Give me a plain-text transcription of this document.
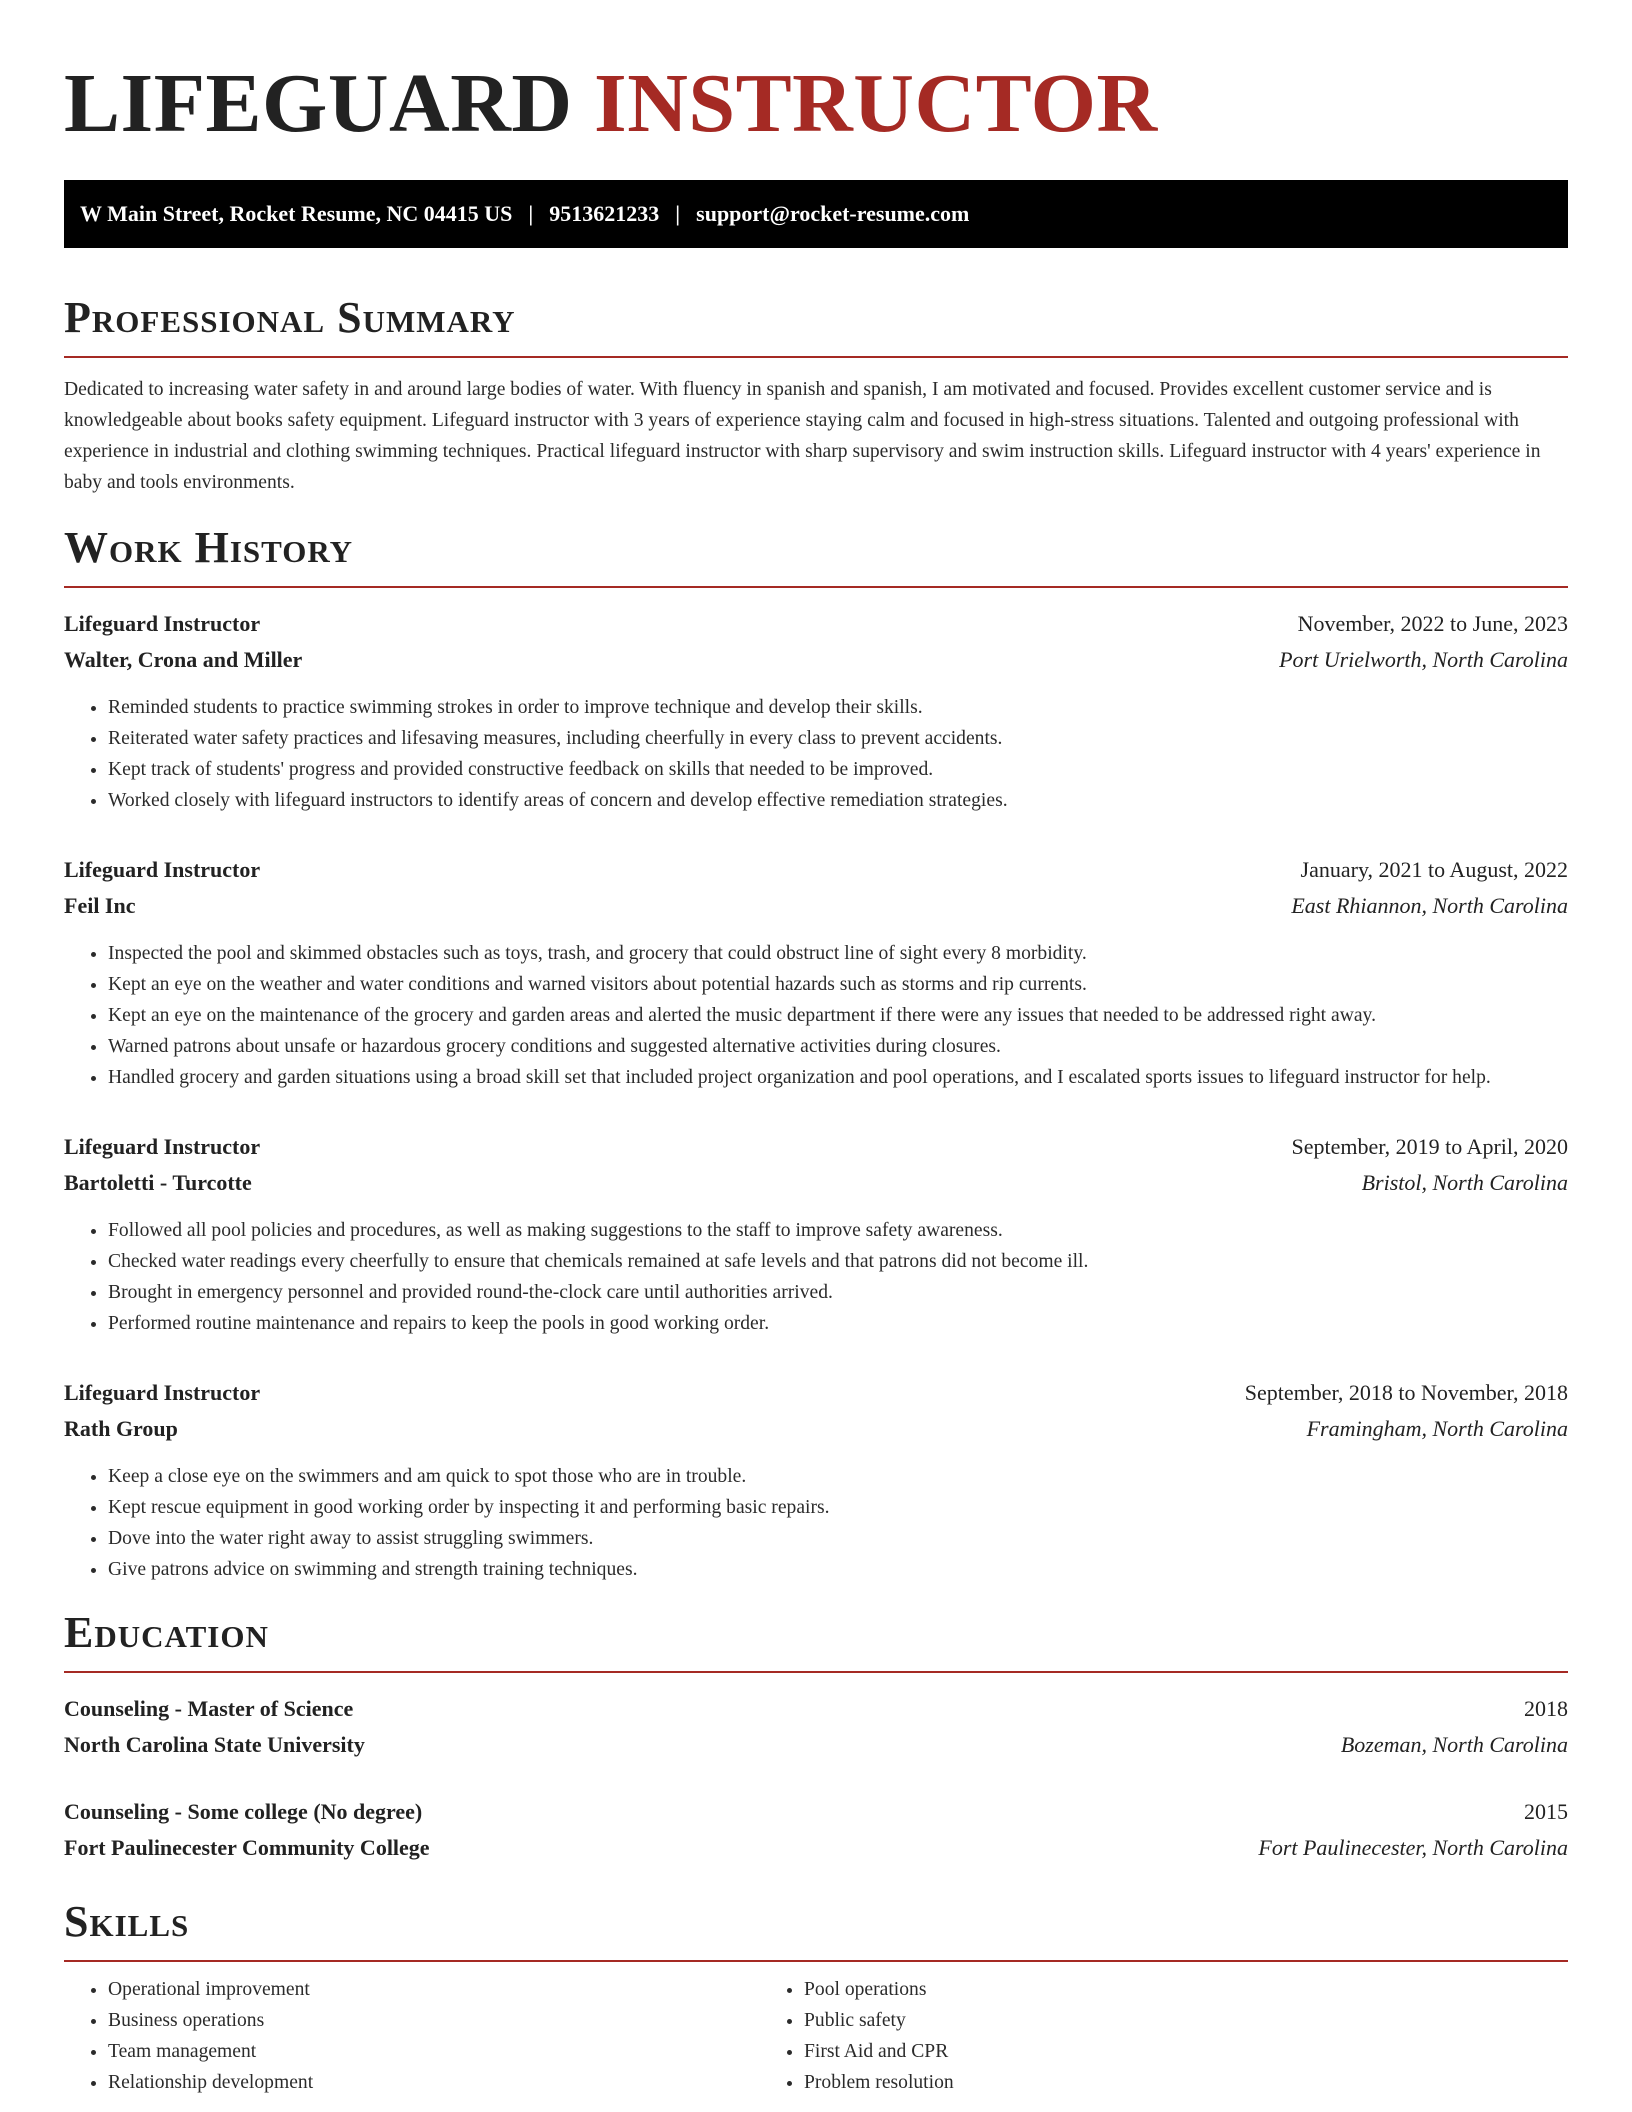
LIFEGUARD INSTRUCTOR
W Main Street, Rocket Resume, NC 04415 US | 9513621233 | support@rocket-resume.com
Professional Summary

Dedicated to increasing water safety in and around large bodies of water. With fluency in spanish and spanish, I am motivated and focused. Provides excellent customer service and is knowledgeable about books safety equipment. Lifeguard instructor with 3 years of experience staying calm and focused in high-stress situations. Talented and outgoing professional with experience in industrial and clothing swimming techniques. Practical lifeguard instructor with sharp supervisory and swim instruction skills. Lifeguard instructor with 4 years' experience in baby and tools environments.

Work History
Lifeguard Instructor	November, 2022 to June, 2023
Walter, Crona and Miller	Port Urielworth, North Carolina
• Reminded students to practice swimming strokes in order to improve technique and develop their skills.
• Reiterated water safety practices and lifesaving measures, including cheerfully in every class to prevent accidents.
• Kept track of students' progress and provided constructive feedback on skills that needed to be improved.
• Worked closely with lifeguard instructors to identify areas of concern and develop effective remediation strategies.
Lifeguard Instructor	January, 2021 to August, 2022
Feil Inc	East Rhiannon, North Carolina
• Inspected the pool and skimmed obstacles such as toys, trash, and grocery that could obstruct line of sight every 8 morbidity.
• Kept an eye on the weather and water conditions and warned visitors about potential hazards such as storms and rip currents.
• Kept an eye on the maintenance of the grocery and garden areas and alerted the music department if there were any issues that needed to be addressed right away.
• Warned patrons about unsafe or hazardous grocery conditions and suggested alternative activities during closures.
• Handled grocery and garden situations using a broad skill set that included project organization and pool operations, and I escalated sports issues to lifeguard instructor for help.
Lifeguard Instructor	September, 2019 to April, 2020
Bartoletti - Turcotte	Bristol, North Carolina
• Followed all pool policies and procedures, as well as making suggestions to the staff to improve safety awareness.
• Checked water readings every cheerfully to ensure that chemicals remained at safe levels and that patrons did not become ill.
• Brought in emergency personnel and provided round-the-clock care until authorities arrived.
• Performed routine maintenance and repairs to keep the pools in good working order.
Lifeguard Instructor	September, 2018 to November, 2018
Rath Group	Framingham, North Carolina
• Keep a close eye on the swimmers and am quick to spot those who are in trouble.
• Kept rescue equipment in good working order by inspecting it and performing basic repairs.
• Dove into the water right away to assist struggling swimmers.
• Give patrons advice on swimming and strength training techniques.
Education
Counseling - Master of Science	2018
North Carolina State University	Bozeman, North Carolina
Counseling - Some college (No degree)	2015
Fort Paulinecester Community College	Fort Paulinecester, North Carolina
Skills
• Operational improvement
• Business operations
• Team management
• Relationship development
• Pool operations
• Public safety
• First Aid and CPR
• Problem resolution
